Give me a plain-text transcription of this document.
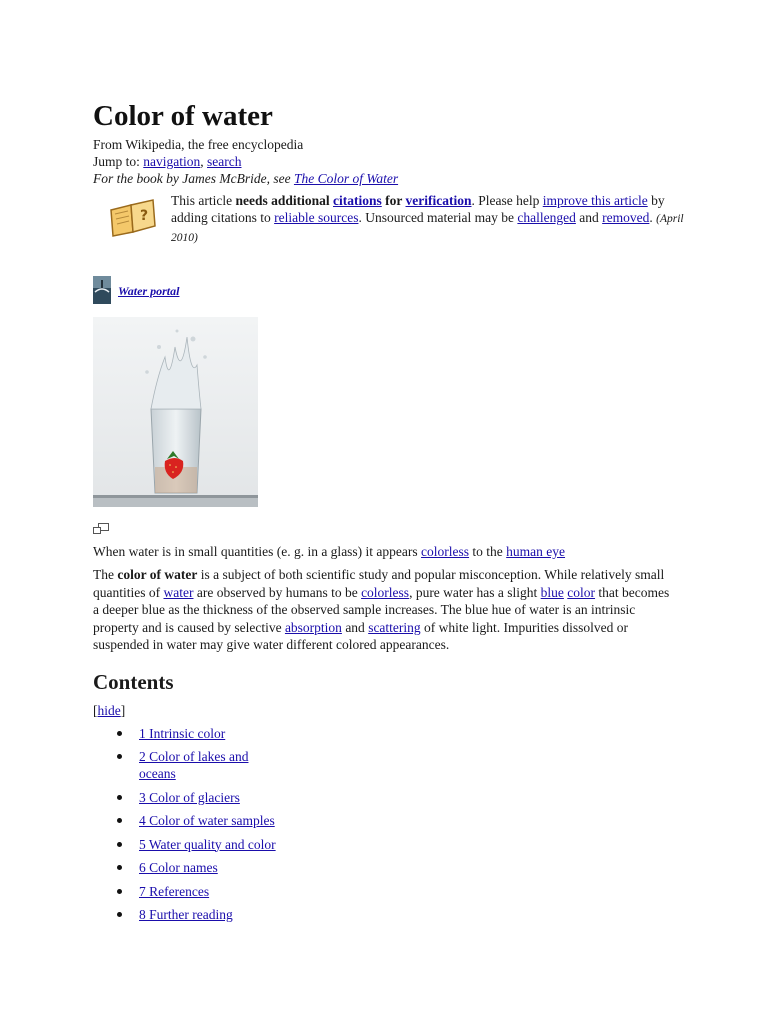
Color of water
From Wikipedia, the free encyclopedia
Jump to: navigation, search
For the book by James McBride, see The Color of Water
?
This article needs additional citations for verification. Please help improve this article by adding citations to reliable sources. Unsourced material may be challenged and removed. (April 2010)
Water portal
When water is in small quantities (e. g. in a glass) it appears colorless to the human eye
The color of water is a subject of both scientific study and popular misconception. While relatively small quantities of water are observed by humans to be colorless, pure water has a slight blue color that becomes a deeper blue as the thickness of the observed sample increases. The blue hue of water is an intrinsic property and is caused by selective absorption and scattering of white light. Impurities dissolved or suspended in water may give water different colored appearances.
Contents
[hide]
1 Intrinsic color
2 Color of lakes and oceans
3 Color of glaciers
4 Color of water samples
5 Water quality and color
6 Color names
7 References
8 Further reading
